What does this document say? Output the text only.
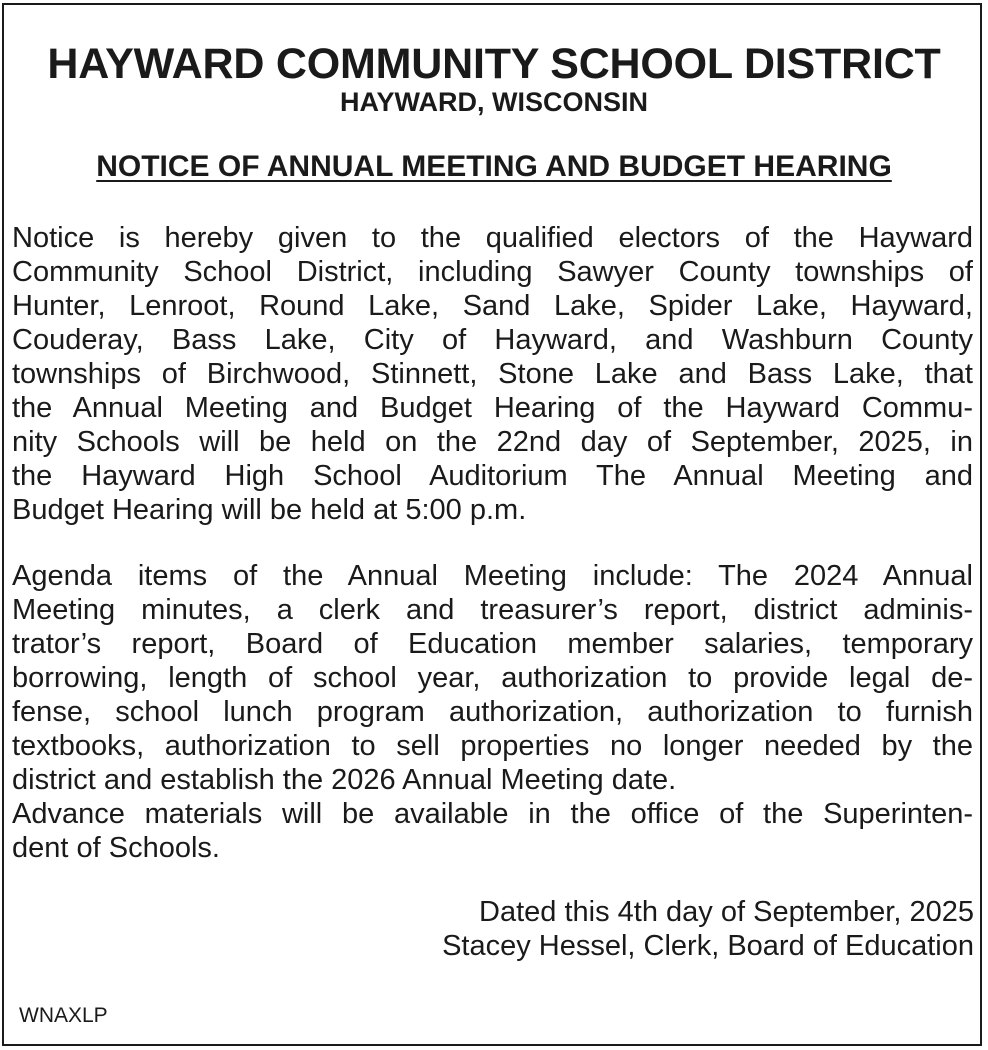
HAYWARD COMMUNITY SCHOOL DISTRICT
HAYWARD, WISCONSIN
NOTICE OF ANNUAL MEETING AND BUDGET HEARING
Notice is hereby given to the qualified electors of the Hayward
Community School District, including Sawyer County townships of
Hunter, Lenroot, Round Lake, Sand Lake, Spider Lake, Hayward,
Couderay, Bass Lake, City of Hayward, and Washburn County
townships of Birchwood, Stinnett, Stone Lake and Bass Lake, that
the Annual Meeting and Budget Hearing of the Hayward Commu-
nity Schools will be held on the 22nd day of September, 2025, in
the Hayward High School Auditorium The Annual Meeting and
Budget Hearing will be held at 5:00 p.m.
Agenda items of the Annual Meeting include: The 2024 Annual
Meeting minutes, a clerk and treasurer’s report, district adminis-
trator’s report, Board of Education member salaries, temporary
borrowing, length of school year, authorization to provide legal de-
fense, school lunch program authorization, authorization to furnish
textbooks, authorization to sell properties no longer needed by the
district and establish the 2026 Annual Meeting date.
Advance materials will be available in the office of the Superinten-
dent of Schools.
Dated this 4th day of September, 2025
Stacey Hessel, Clerk, Board of Education
WNAXLP
